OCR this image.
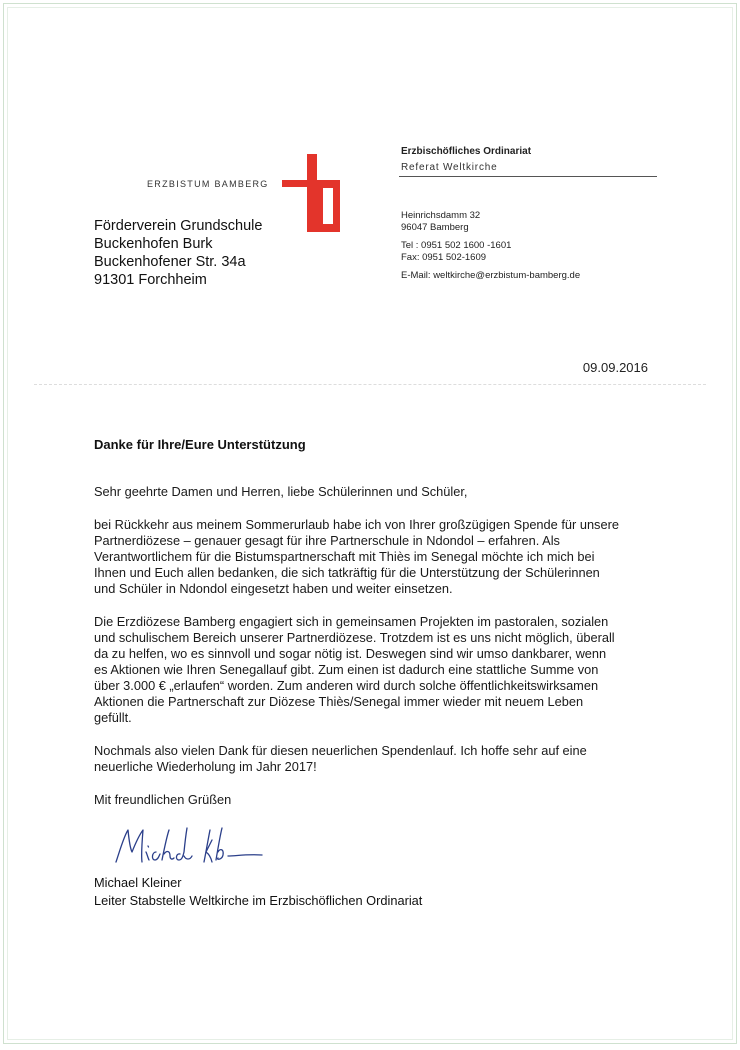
ERZBISTUM BAMBERG
Erzbischöfliches Ordinariat
Referat Weltkirche
Heinrichsdamm 32
96047 Bamberg
Tel : 0951 502 1600 -1601
Fax: 0951 502-1609
E-Mail: weltkirche@erzbistum-bamberg.de
Förderverein Grundschule
Buckenhofen Burk
Buckenhofener Str. 34a
91301 Forchheim
09.09.2016
Danke für Ihre/Eure Unterstützung

Sehr geehrte Damen und Herren, liebe Schülerinnen und Schüler,

bei Rückkehr aus meinem Sommerurlaub habe ich von Ihrer großzügigen Spende für unsere
Partnerdiözese – genauer gesagt für ihre Partnerschule in Ndondol – erfahren. Als
Verantwortlichem für die Bistumspartnerschaft mit Thiès im Senegal möchte ich mich bei
Ihnen und Euch allen bedanken, die sich tatkräftig für die Unterstützung der Schülerinnen
und Schüler in Ndondol eingesetzt haben und weiter einsetzen.

Die Erzdiözese Bamberg engagiert sich in gemeinsamen Projekten im pastoralen, sozialen
und schulischem Bereich unserer Partnerdiözese. Trotzdem ist es uns nicht möglich, überall
da zu helfen, wo es sinnvoll und sogar nötig ist. Deswegen sind wir umso dankbarer, wenn
es Aktionen wie Ihren Senegallauf gibt. Zum einen ist dadurch eine stattliche Summe von
über 3.000 € „erlaufen“ worden. Zum anderen wird durch solche öffentlichkeitswirksamen
Aktionen die Partnerschaft zur Diözese Thiès/Senegal immer wieder mit neuem Leben
gefüllt.

Nochmals also vielen Dank für diesen neuerlichen Spendenlauf. Ich hoffe sehr auf eine
neuerliche Wiederholung im Jahr 2017!

Mit freundlichen Grüßen

Michael Kleiner
Leiter Stabstelle Weltkirche im Erzbischöflichen Ordinariat
